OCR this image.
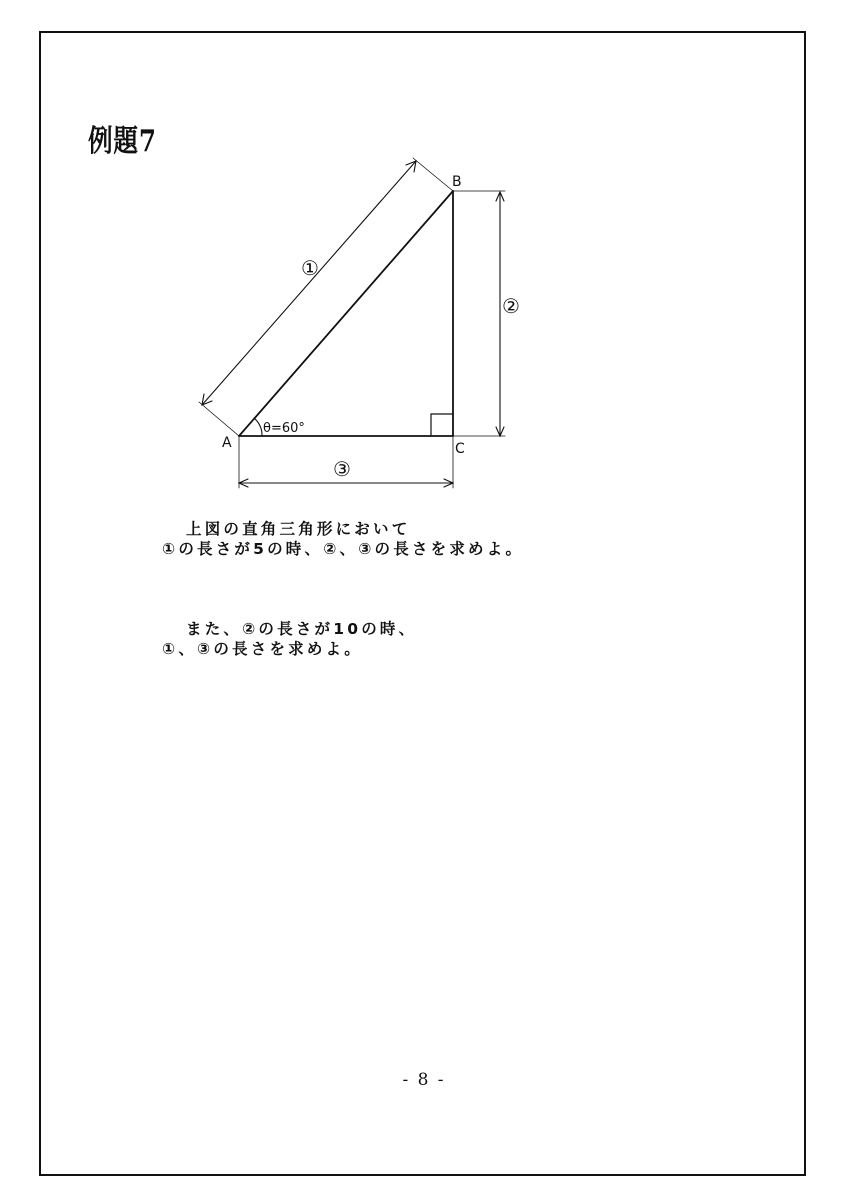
例題7
A
B
C
θ=60°
①
②
③
上図の直角三角形において
①の長さが5の時、②、③の長さを求めよ。
また、②の長さが10の時、
①、③の長さを求めよ。
- 8 -
